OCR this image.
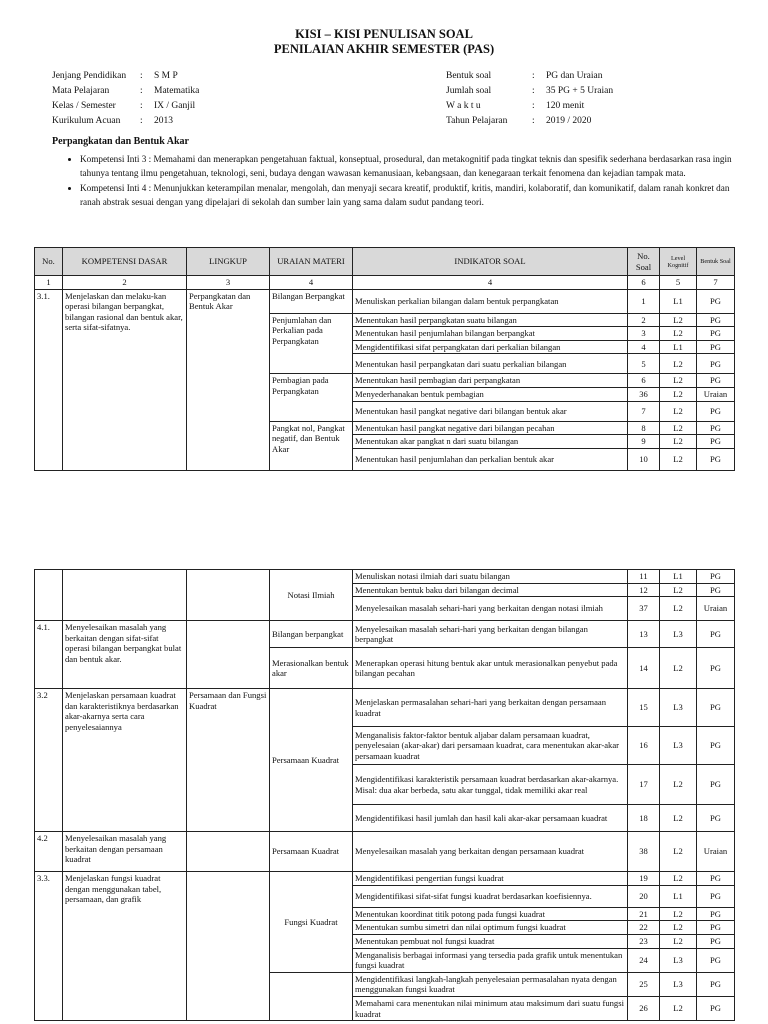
KISI – KISI PENULISAN SOAL
PENILAIAN AKHIR SEMESTER (PAS)
Jenjang Pendidikan	:	S M P
Mata Pelajaran	:	Matematika
Kelas / Semester	:	IX / Ganjil
Kurikulum Acuan	:	2013
Bentuk soal	:	PG dan Uraian
Jumlah soal	:	35 PG + 5 Uraian
W a k t u	:	120 menit
Tahun Pelajaran	:	2019 / 2020
Perpangkatan dan Bentuk Akar
• Kompetensi Inti 3 : Memahami dan menerapkan pengetahuan faktual, konseptual, prosedural, dan metakognitif pada tingkat teknis dan spesifik sederhana berdasarkan rasa ingin tahunya tentang ilmu pengetahuan, teknologi, seni, budaya dengan wawasan kemanusiaan, kebangsaan, dan kenegaraan terkait fenomena dan kejadian tampak mata.
• Kompetensi Inti 4 : Menunjukkan keterampilan menalar, mengolah, dan menyaji secara kreatif, produktif, kritis, mandiri, kolaboratif, dan komunikatif, dalam ranah konkret dan ranah abstrak sesuai dengan yang dipelajari di sekolah dan sumber lain yang sama dalam sudut pandang teori.
No.	KOMPETENSI DASAR	LINGKUP	URAIAN MATERI	INDIKATOR SOAL	No. Soal	Level Kognitif	Bentuk Soal
1	2	3	4	4	6	5	7
3.1.	Menjelaskan dan melaku-kan operasi bilangan berpangkat, bilangan rasional dan bentuk akar, serta sifat-sifatnya.	Perpangkatan dan Bentuk Akar	Bilangan Berpangkat	Menuliskan perkalian bilangan dalam bentuk perpangkatan	1	L1	PG
			Penjumlahan dan Perkalian pada Perpangkatan	Menentukan hasil perpangkatan suatu bilangan	2	L2	PG
				Menentukan hasil penjumlahan bilangan berpangkat	3	L2	PG
				Mengidentifikasi sifat perpangkatan dari perkalian bilangan	4	L1	PG
				Menentukan hasil perpangkatan dari suatu perkalian bilangan	5	L2	PG
			Pembagian pada Perpangkatan	Menentukan hasil pembagian dari perpangkatan	6	L2	PG
				Menyederhanakan bentuk pembagian	36	L2	Uraian
				Menentukan hasil pangkat negative dari bilangan bentuk akar	7	L2	PG
			Pangkat nol, Pangkat negatif, dan Bentuk Akar	Menentukan hasil pangkat negative dari bilangan pecahan	8	L2	PG
				Menentukan akar pangkat n dari suatu bilangan	9	L2	PG
				Menentukan hasil penjumlahan dan perkalian bentuk akar	10	L2	PG
			Notasi Ilmiah	Menuliskan notasi ilmiah dari suatu bilangan	11	L1	PG
				Menentukan bentuk baku dari bilangan decimal	12	L2	PG
				Menyelesaikan masalah sehari-hari yang berkaitan dengan notasi ilmiah	37	L2	Uraian
4.1.	Menyelesaikan masalah yang berkaitan dengan sifat-sifat operasi bilangan berpangkat bulat dan bentuk akar.		Bilangan berpangkat	Menyelesaikan masalah sehari-hari yang berkaitan dengan bilangan berpangkat	13	L3	PG
			Merasionalkan bentuk akar	Menerapkan operasi hitung bentuk akar untuk merasionalkan penyebut pada bilangan pecahan	14	L2	PG
3.2	Menjelaskan persamaan kuadrat dan karakteristiknya berdasarkan akar-akarnya serta cara penyelesaiannya	Persamaan dan Fungsi Kuadrat	Persamaan Kuadrat	Menjelaskan permasalahan sehari-hari yang berkaitan dengan persamaan kuadrat	15	L3	PG
				Menganalisis faktor-faktor bentuk aljabar dalam persamaan kuadrat, penyelesaian (akar-akar) dari persamaan kuadrat, cara menentukan akar-akar persamaan kuadrat	16	L3	PG
				Mengidentifikasi karakteristik persamaan kuadrat berdasarkan akar-akarnya. Misal: dua akar berbeda, satu akar tunggal, tidak memiliki akar real	17	L2	PG
				Mengidentifikasi hasil jumlah dan hasil kali akar-akar persamaan kuadrat	18	L2	PG
4.2	Menyelesaikan masalah yang berkaitan dengan persamaan kuadrat		Persamaan Kuadrat	Menyelesaikan masalah yang berkaitan dengan persamaan kuadrat	38	L2	Uraian
3.3.	Menjelaskan fungsi kuadrat dengan menggunakan tabel, persamaan, dan grafik		Fungsi Kuadrat	Mengidentifikasi pengertian fungsi kuadrat	19	L2	PG
				Mengidentifikasi sifat-sifat fungsi kuadrat berdasarkan koefisiennya.	20	L1	PG
				Menentukan koordinat titik potong pada fungsi kuadrat	21	L2	PG
				Menentukan sumbu simetri dan nilai optimum fungsi kuadrat	22	L2	PG
				Menentukan pembuat nol fungsi kuadrat	23	L2	PG
				Menganalisis berbagai informasi yang tersedia pada grafik untuk menentukan fungsi kuadrat	24	L3	PG
				Mengidentifikasi langkah-langkah penyelesaian permasalahan nyata dengan menggunakan fungsi kuadrat	25	L3	PG
				Memahami cara menentukan nilai minimum atau maksimum dari suatu fungsi kuadrat	26	L2	PG
